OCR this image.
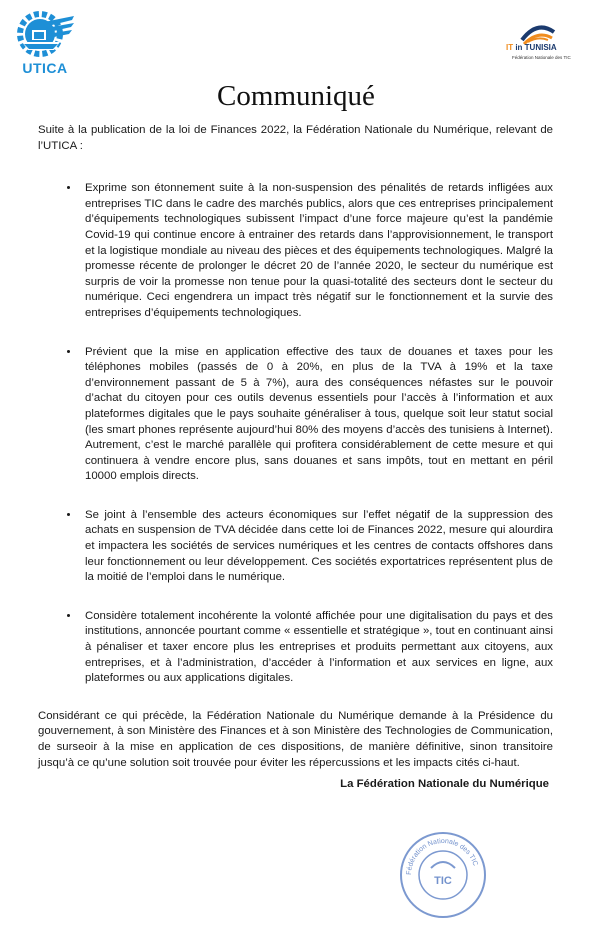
UTICA
IT in TUNISIA
Fédération Nationale des TIC
Communiqué

Suite à la publication de la loi de Finances 2022, la Fédération Nationale du Numérique, relevant de l’UTICA :

• Exprime son étonnement suite à la non-suspension des pénalités de retards infligées aux entreprises TIC dans le cadre des marchés publics, alors que ces entreprises principalement d’équipements technologiques subissent l’impact d’une force majeure qu’est la pandémie Covid-19 qui continue encore à entrainer des retards dans l’approvisionnement, le transport et la logistique mondiale au niveau des pièces et des équipements technologiques. Malgré la promesse récente de prolonger le décret 20 de l’année 2020, le secteur du numérique est surpris de voir la promesse non tenue pour la quasi-totalité des secteurs dont le secteur du numérique. Ceci engendrera un impact très négatif sur le fonctionnement et la survie des entreprises d’équipements technologiques.
• Prévient que la mise en application effective des taux de douanes et taxes pour les téléphones mobiles (passés de 0 à 20%, en plus de la TVA à 19% et la taxe d’environnement passant de 5 à 7%), aura des conséquences néfastes sur le pouvoir d’achat du citoyen pour ces outils devenus essentiels pour l’accès à l’information et aux plateformes digitales que le pays souhaite généraliser à tous, quelque soit leur statut social (les smart phones représente aujourd’hui 80% des moyens d’accès des tunisiens à Internet). Autrement, c’est le marché parallèle qui profitera considérablement de cette mesure et qui continuera à vendre encore plus, sans douanes et sans impôts, tout en mettant en péril 10000 emplois directs.
• Se joint à l’ensemble des acteurs économiques sur l’effet négatif de la suppression des achats en suspension de TVA décidée dans cette loi de Finances 2022, mesure qui alourdira et impactera les sociétés de services numériques et les centres de contacts offshores dans leur fonctionnement ou leur développement. Ces sociétés exportatrices représentent plus de la moitié de l’emploi dans le numérique.
• Considère totalement incohérente la volonté affichée pour une digitalisation du pays et des institutions, annoncée pourtant comme « essentielle et stratégique », tout en continuant ainsi à pénaliser et taxer encore plus les entreprises et produits permettant aux citoyens, aux entreprises, et à l’administration, d’accéder à l’information et aux services en ligne, aux plateformes ou aux applications digitales.

Considérant ce qui précède, la Fédération Nationale du Numérique demande à la Présidence du gouvernement, à son Ministère des Finances et à son Ministère des Technologies de Communication, de surseoir à la mise en application de ces dispositions, de manière définitive, sinon transitoire jusqu’à ce qu’une solution soit trouvée pour éviter les répercussions et les impacts cités ci-haut.

La Fédération Nationale du Numérique

Fédération Nationale des TIC
TIC
